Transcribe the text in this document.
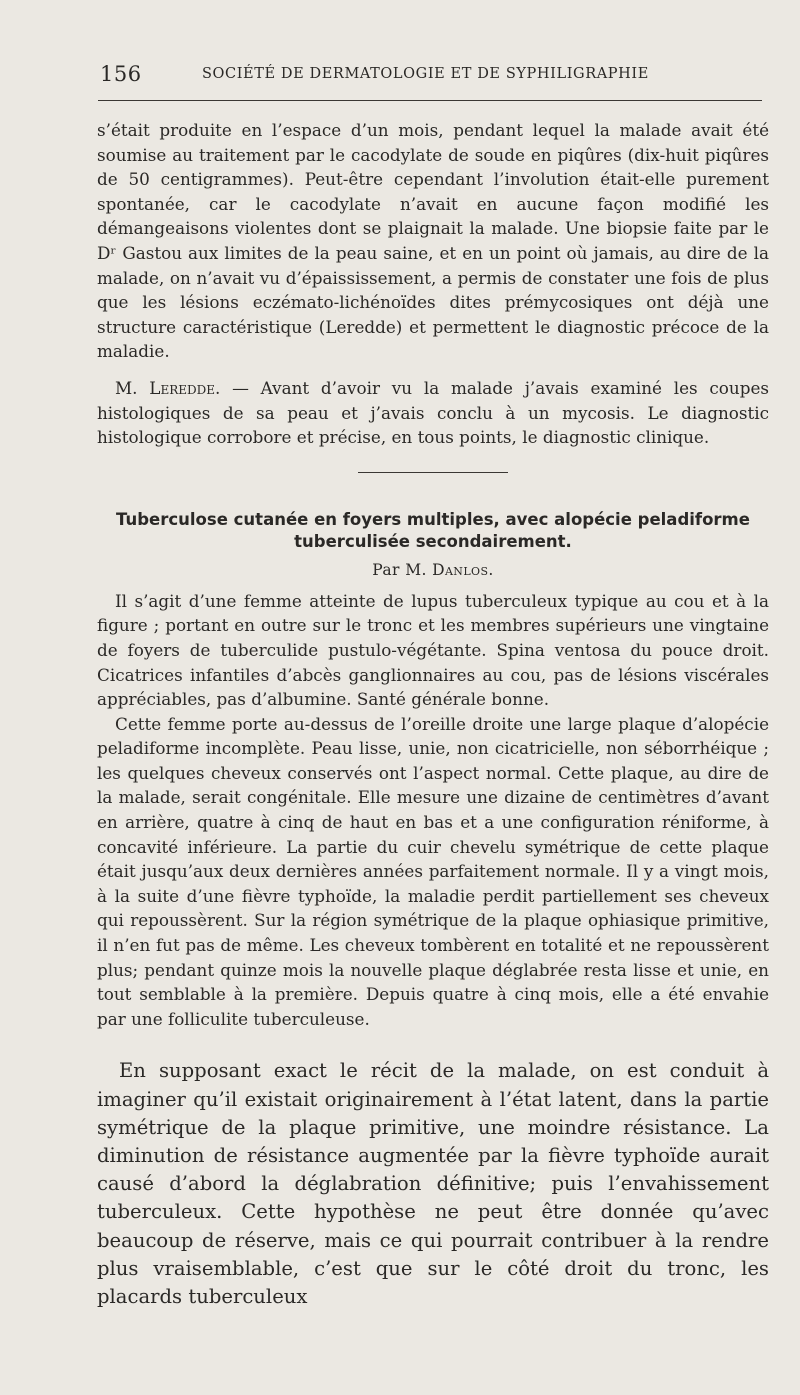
156	SOCIÉTÉ DE DERMATOLOGIE ET DE SYPHILIGRAPHIE

s’était produite en l’espace d’un mois, pendant lequel la malade avait été soumise au traitement par le cacodylate de soude en piqûres (dix-huit piqûres de 50 centigrammes). Peut-être cependant l’involution était-elle purement spontanée, car le cacodylate n’avait en aucune façon modifié les démangeaisons violentes dont se plaignait la malade. Une biopsie faite par le Dʳ Gastou aux limites de la peau saine, et en un point où jamais, au dire de la malade, on n’avait vu d’épaississement, a permis de constater une fois de plus que les lésions eczémato-lichénoïdes dites prémycosiques ont déjà une structure caractéristique (Leredde) et permettent le diagnostic précoce de la maladie.

M. Leredde. — Avant d’avoir vu la malade j’avais examiné les coupes histologiques de sa peau et j’avais conclu à un mycosis. Le diagnostic histologique corrobore et précise, en tous points, le diagnostic clinique.

Tuberculose cutanée en foyers multiples, avec alopécie peladiforme tuberculisée secondairement.
Par M. Danlos.

Il s’agit d’une femme atteinte de lupus tuberculeux typique au cou et à la figure ; portant en outre sur le tronc et les membres supérieurs une vingtaine de foyers de tuberculide pustulo-végétante. Spina ventosa du pouce droit. Cicatrices infantiles d’abcès ganglionnaires au cou, pas de lésions viscérales appréciables, pas d’albumine. Santé générale bonne.

Cette femme porte au-dessus de l’oreille droite une large plaque d’alopécie peladiforme incomplète. Peau lisse, unie, non cicatricielle, non séborrhéique ; les quelques cheveux conservés ont l’aspect normal. Cette plaque, au dire de la malade, serait congénitale. Elle mesure une dizaine de centimètres d’avant en arrière, quatre à cinq de haut en bas et a une configuration réniforme, à concavité inférieure. La partie du cuir chevelu symétrique de cette plaque était jusqu’aux deux dernières années parfaitement normale. Il y a vingt mois, à la suite d’une fièvre typhoïde, la maladie perdit partiellement ses cheveux qui repoussèrent. Sur la région symétrique de la plaque ophiasique primitive, il n’en fut pas de même. Les cheveux tombèrent en totalité et ne repoussèrent plus; pendant quinze mois la nouvelle plaque déglabrée resta lisse et unie, en tout semblable à la première. Depuis quatre à cinq mois, elle a été envahie par une folliculite tuberculeuse.

En supposant exact le récit de la malade, on est conduit à imaginer qu’il existait originairement à l’état latent, dans la partie symétrique de la plaque primitive, une moindre résistance. La diminution de résistance augmentée par la fièvre typhoïde aurait causé d’abord la déglabration définitive; puis l’envahissement tuberculeux. Cette hypothèse ne peut être donnée qu’avec beaucoup de réserve, mais ce qui pourrait contribuer à la rendre plus vraisemblable, c’est que sur le côté droit du tronc, les placards tuberculeux
